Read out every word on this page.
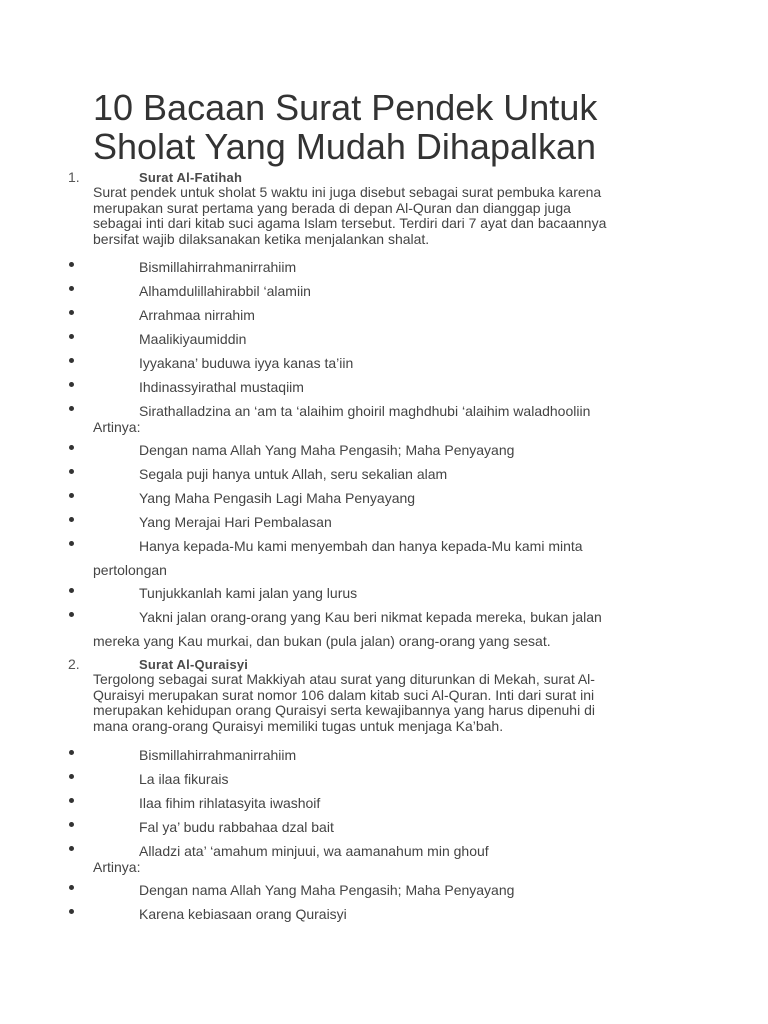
10 Bacaan Surat Pendek Untuk
Sholat Yang Mudah Dihapalkan
1.	Surat Al-Fatihah
Surat pendek untuk sholat 5 waktu ini juga disebut sebagai surat pembuka karena
merupakan surat pertama yang berada di depan Al-Quran dan dianggap juga
sebagai inti dari kitab suci agama Islam tersebut. Terdiri dari 7 ayat dan bacaannya
bersifat wajib dilaksanakan ketika menjalankan shalat.
Bismillahirrahmanirrahiim
Alhamdulillahirabbil ‘alamiin
Arrahmaa nirrahim
Maalikiyaumiddin
Iyyakana’ buduwa iyya kanas ta’iin
Ihdinassyirathal mustaqiim
Sirathalladzina an ‘am ta ‘alaihim ghoiril maghdhubi ‘alaihim waladhooliin
Artinya:
Dengan nama Allah Yang Maha Pengasih; Maha Penyayang
Segala puji hanya untuk Allah, seru sekalian alam
Yang Maha Pengasih Lagi Maha Penyayang
Yang Merajai Hari Pembalasan
Hanya kepada-Mu kami menyembah dan hanya kepada-Mu kami minta
pertolongan
Tunjukkanlah kami jalan yang lurus
Yakni jalan orang-orang yang Kau beri nikmat kepada mereka, bukan jalan
mereka yang Kau murkai, dan bukan (pula jalan) orang-orang yang sesat.
2.	Surat Al-Quraisyi
Tergolong sebagai surat Makkiyah atau surat yang diturunkan di Mekah, surat Al-
Quraisyi merupakan surat nomor 106 dalam kitab suci Al-Quran. Inti dari surat ini
merupakan kehidupan orang Quraisyi serta kewajibannya yang harus dipenuhi di
mana orang-orang Quraisyi memiliki tugas untuk menjaga Ka’bah.
Bismillahirrahmanirrahiim
La ilaa fikurais
Ilaa fihim rihlatasyita iwashoif
Fal ya’ budu rabbahaa dzal bait
Alladzi ata’ ‘amahum minjuui, wa aamanahum min ghouf
Artinya:
Dengan nama Allah Yang Maha Pengasih; Maha Penyayang
Karena kebiasaan orang Quraisyi
